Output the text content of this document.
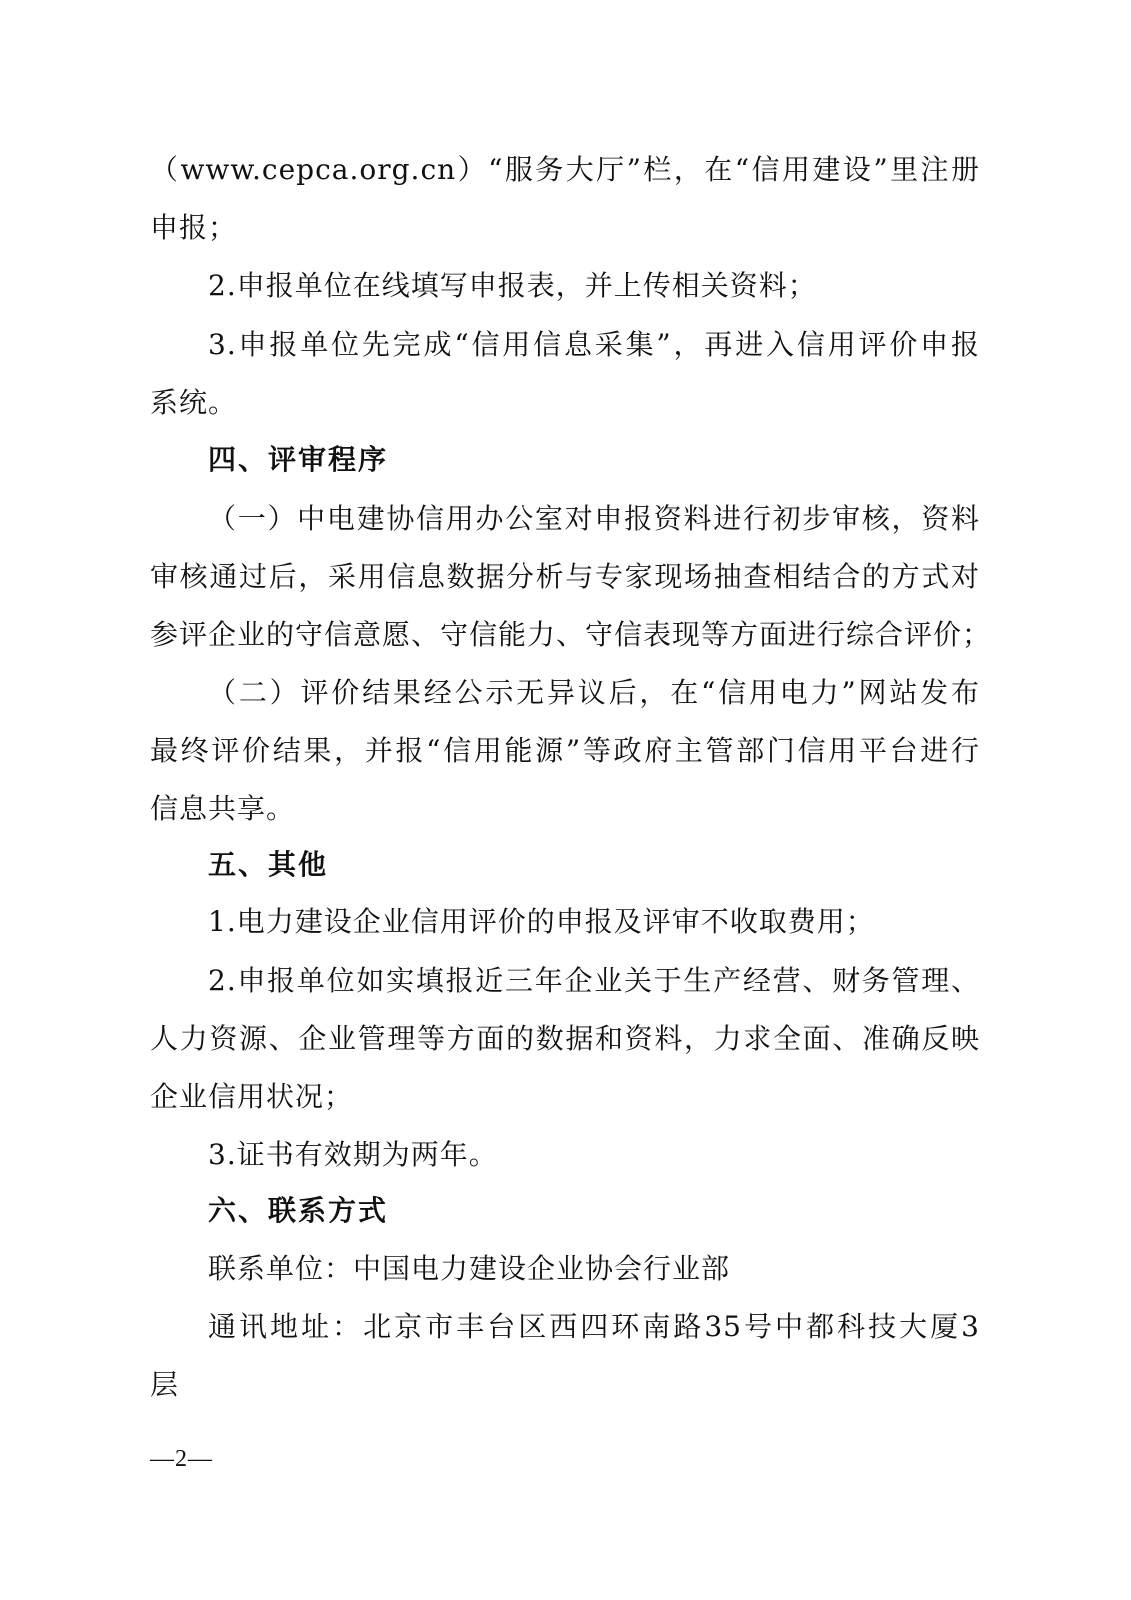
（www.cepca.org.cn）“服务大厅”栏，在“信用建设”里注册
申报；
2.申报单位在线填写申报表，并上传相关资料；
3.申报单位先完成“信用信息采集”，再进入信用评价申报
系统。
四、评审程序
（一）中电建协信用办公室对申报资料进行初步审核，资料
审核通过后，采用信息数据分析与专家现场抽查相结合的方式对
参评企业的守信意愿、守信能力、守信表现等方面进行综合评价；
（二）评价结果经公示无异议后，在“信用电力”网站发布
最终评价结果，并报“信用能源”等政府主管部门信用平台进行
信息共享。
五、其他
1.电力建设企业信用评价的申报及评审不收取费用；
2.申报单位如实填报近三年企业关于生产经营、财务管理、
人力资源、企业管理等方面的数据和资料，力求全面、准确反映
企业信用状况；
3.证书有效期为两年。
六、联系方式
联系单位：中国电力建设企业协会行业部
通讯地址：北京市丰台区西四环南路35号中都科技大厦3
层
—2—
